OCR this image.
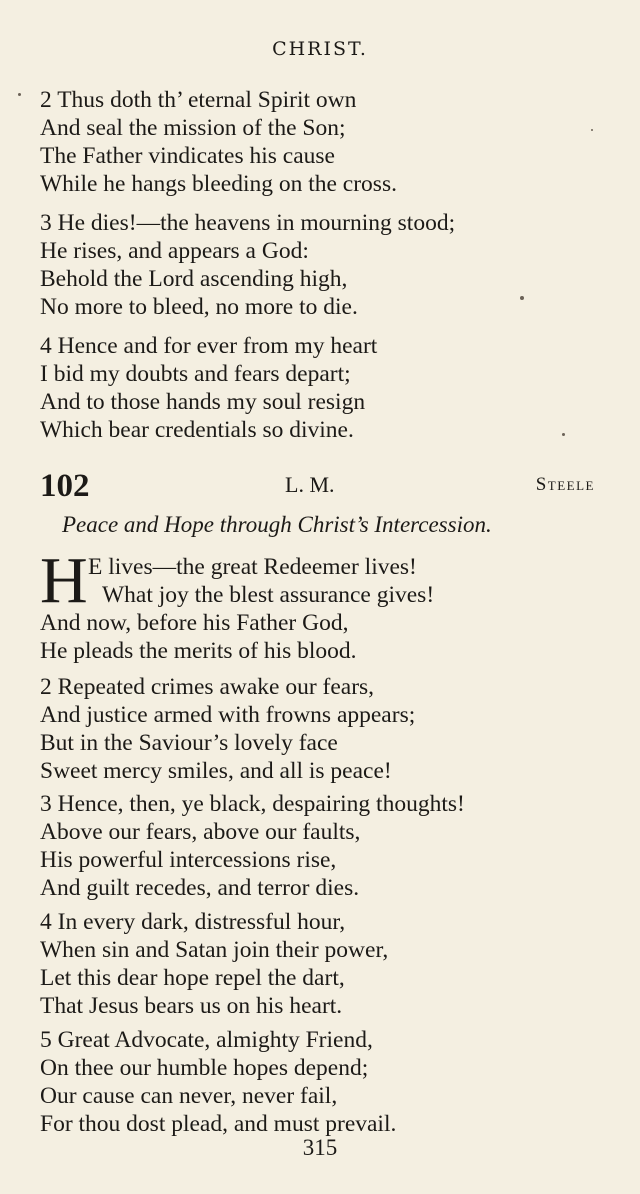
CHRIST.
2 Thus doth th’ eternal Spirit own
And seal the mission of the Son;
The Father vindicates his cause
While he hangs bleeding on the cross.
3 He dies!—the heavens in mourning stood;
He rises, and appears a God:
Behold the Lord ascending high,
No more to bleed, no more to die.
4 Hence and for ever from my heart
I bid my doubts and fears depart;
And to those hands my soul resign
Which bear credentials so divine.
102	L. M.	Steele
Peace and Hope through Christ’s Intercession.
H E lives—the great Redeemer lives!
What joy the blest assurance gives!
And now, before his Father God,
He pleads the merits of his blood.
2 Repeated crimes awake our fears,
And justice armed with frowns appears;
But in the Saviour’s lovely face
Sweet mercy smiles, and all is peace!
3 Hence, then, ye black, despairing thoughts!
Above our fears, above our faults,
His powerful intercessions rise,
And guilt recedes, and terror dies.
4 In every dark, distressful hour,
When sin and Satan join their power,
Let this dear hope repel the dart,
That Jesus bears us on his heart.
5 Great Advocate, almighty Friend,
On thee our humble hopes depend;
Our cause can never, never fail,
For thou dost plead, and must prevail.
315
